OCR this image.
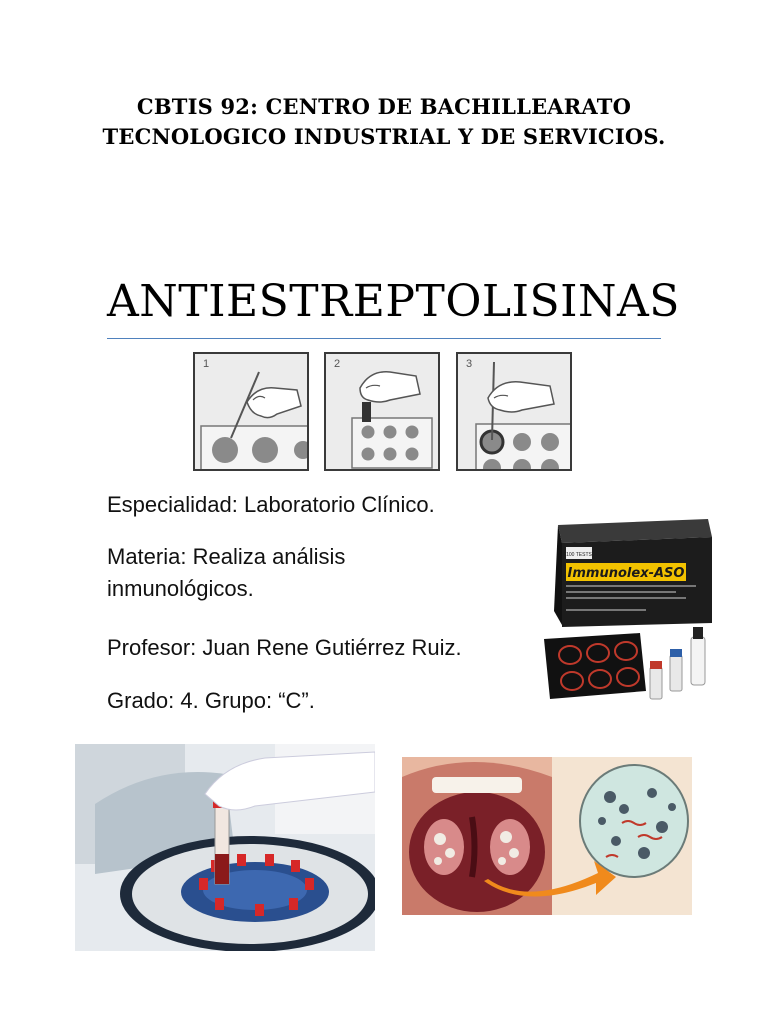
CBTIS 92: CENTRO DE BACHILLEARATO
TECNOLOGICO INDUSTRIAL Y DE SERVICIOS.
ANTIESTREPTOLISINAS
1	2	3
Especialidad: Laboratorio Clínico.
Materia: Realiza análisis
inmunológicos.
Profesor: Juan Rene Gutiérrez Ruiz.
Grado: 4. Grupo: “C”.
100 TESTS
Immunolex-ASO
